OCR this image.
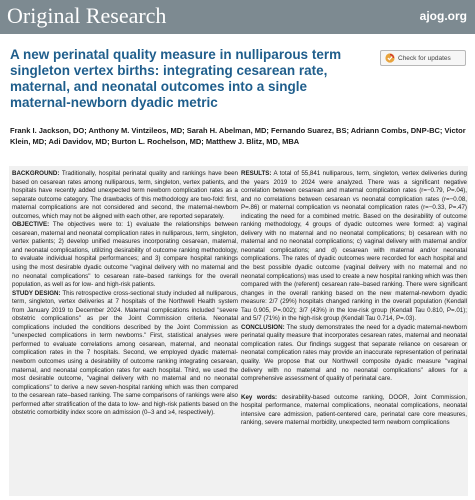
Original Research	ajog.org
A new perinatal quality measure in nulliparous term singleton vertex births: integrating cesarean rate, maternal, and neonatal outcomes into a single maternal-newborn dyadic metric
Check for updates
Frank I. Jackson, DO; Anthony M. Vintzileos, MD; Sarah H. Abelman, MD; Fernando Suarez, BS; Adriann Combs, DNP-BC; Victor Klein, MD; Adi Davidov, MD; Burton L. Rochelson, MD; Matthew J. Blitz, MD, MBA

BACKGROUND: Traditionally, hospital perinatal quality and rankings have been based on cesarean rates among nulliparous, term, singleton, vertex patients, and hospitals have recently added unexpected term newborn complication rates as a separate outcome category. The drawbacks of this methodology are two-fold: first, maternal complications are not considered and second, the maternal-newborn outcomes, which may not be aligned with each other, are reported separately.

OBJECTIVE: The objectives were to: 1) evaluate the relationships between cesarean, maternal and neonatal complication rates in nulliparous, term, singleton, vertex patients; 2) develop unified measures incorporating cesarean, maternal, and neonatal complications, utilizing desirability of outcome ranking methodology, to evaluate individual hospital performances; and 3) compare hospital rankings using the most desirable dyadic outcome "vaginal delivery with no maternal and no neonatal complications" to cesarean rate–based rankings for the overall population, as well as for low- and high-risk patients.

STUDY DESIGN: This retrospective cross-sectional study included all nulliparous, term, singleton, vertex deliveries at 7 hospitals of the Northwell Health system from January 2019 to December 2024. Maternal complications included "severe obstetric complications" as per the Joint Commission criteria. Neonatal complications included the conditions described by the Joint Commission as "unexpected complications in term newborns." First, statistical analyses were performed to evaluate correlations among cesarean, maternal, and neonatal complication rates in the 7 hospitals. Second, we employed dyadic maternal-newborn outcomes using a desirability of outcome ranking integrating cesarean, maternal, and neonatal complication rates for each hospital. Third, we used the most desirable outcome, "vaginal delivery with no maternal and no neonatal complications" to derive a new seven-hospital ranking which was then compared to the cesarean rate–based ranking. The same comparisons of rankings were also performed after stratification of the data to low- and high-risk patients based on the obstetric comorbidity index score on admission (0–3 and ≥4, respectively).

RESULTS: A total of 55,841 nulliparous, term, singleton, vertex deliveries during the years 2019 to 2024 were analyzed. There was a significant negative correlation between cesarean and maternal complication rates (r=−0.79, P=.04), and no correlations between cesarean vs neonatal complication rates (r=−0.08, P=.86) or maternal complication vs neonatal complication rates (r=−0.33, P=.47) indicating the need for a combined metric. Based on the desirability of outcome ranking methodology, 4 groups of dyadic outcomes were formed: a) vaginal delivery with no maternal and no neonatal complications; b) cesarean with no maternal and no neonatal complications; c) vaginal delivery with maternal and/or neonatal complications; and d) cesarean with maternal and/or neonatal complications. The rates of dyadic outcomes were recorded for each hospital and the best possible dyadic outcome (vaginal delivery with no maternal and no neonatal complications) was used to create a new hospital ranking which was then compared with the (referent) cesarean rate–based ranking. There were significant changes in the overall ranking based on the new maternal-newborn dyadic measure: 2/7 (29%) hospitals changed ranking in the overall population (Kendall Tau 0.905, P=.002); 3/7 (43%) in the low-risk group (Kendall Tau 0.810, P=.01); and 5/7 (71%) in the high-risk group (Kendall Tau 0.714, P=.03).

CONCLUSION: The study demonstrates the need for a dyadic maternal-newborn perinatal quality measure that incorporates cesarean rates, maternal and neonatal complication rates. Our findings suggest that separate reliance on cesarean or neonatal complication rates may provide an inaccurate representation of perinatal quality. We propose that our Northwell composite dyadic measure "vaginal delivery with no maternal and no neonatal complications" allows for a comprehensive assessment of quality of perinatal care.

Key words: desirability-based outcome ranking, DOOR, Joint Commission, hospital performance, maternal complications, neonatal complications, neonatal intensive care admission, patient-centered care, perinatal care core measures, ranking, severe maternal morbidity, unexpected term newborn complications
